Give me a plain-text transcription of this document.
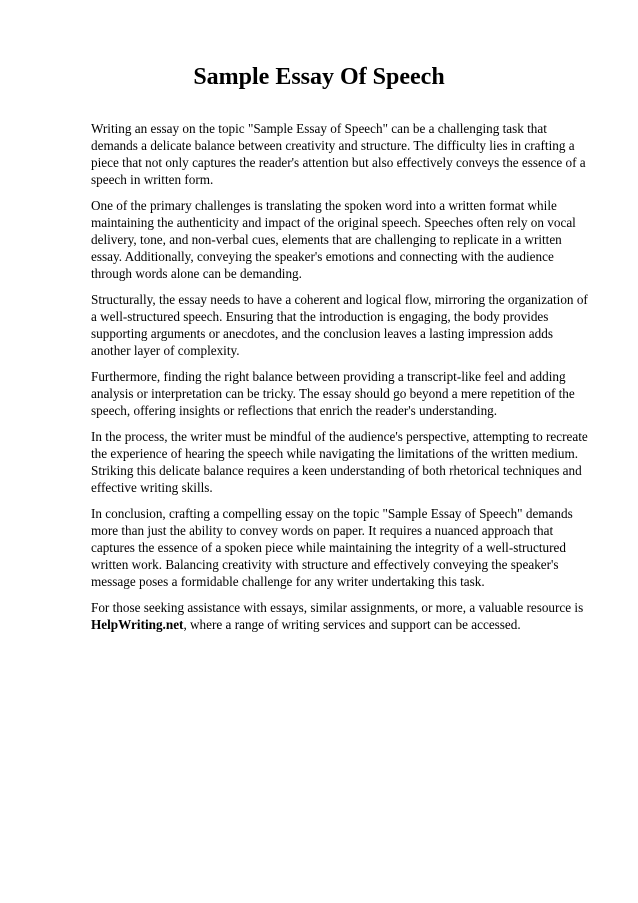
Sample Essay Of Speech

Writing an essay on the topic "Sample Essay of Speech" can be a challenging task that demands a delicate balance between creativity and structure. The difficulty lies in crafting a piece that not only captures the reader's attention but also effectively conveys the essence of a speech in written form.

One of the primary challenges is translating the spoken word into a written format while maintaining the authenticity and impact of the original speech. Speeches often rely on vocal delivery, tone, and non-verbal cues, elements that are challenging to replicate in a written essay. Additionally, conveying the speaker's emotions and connecting with the audience through words alone can be demanding.

Structurally, the essay needs to have a coherent and logical flow, mirroring the organization of a well-structured speech. Ensuring that the introduction is engaging, the body provides supporting arguments or anecdotes, and the conclusion leaves a lasting impression adds another layer of complexity.

Furthermore, finding the right balance between providing a transcript-like feel and adding analysis or interpretation can be tricky. The essay should go beyond a mere repetition of the speech, offering insights or reflections that enrich the reader's understanding.

In the process, the writer must be mindful of the audience's perspective, attempting to recreate the experience of hearing the speech while navigating the limitations of the written medium. Striking this delicate balance requires a keen understanding of both rhetorical techniques and effective writing skills.

In conclusion, crafting a compelling essay on the topic "Sample Essay of Speech" demands more than just the ability to convey words on paper. It requires a nuanced approach that captures the essence of a spoken piece while maintaining the integrity of a well-structured written work. Balancing creativity with structure and effectively conveying the speaker's message poses a formidable challenge for any writer undertaking this task.

For those seeking assistance with essays, similar assignments, or more, a valuable resource is HelpWriting.net, where a range of writing services and support can be accessed.
